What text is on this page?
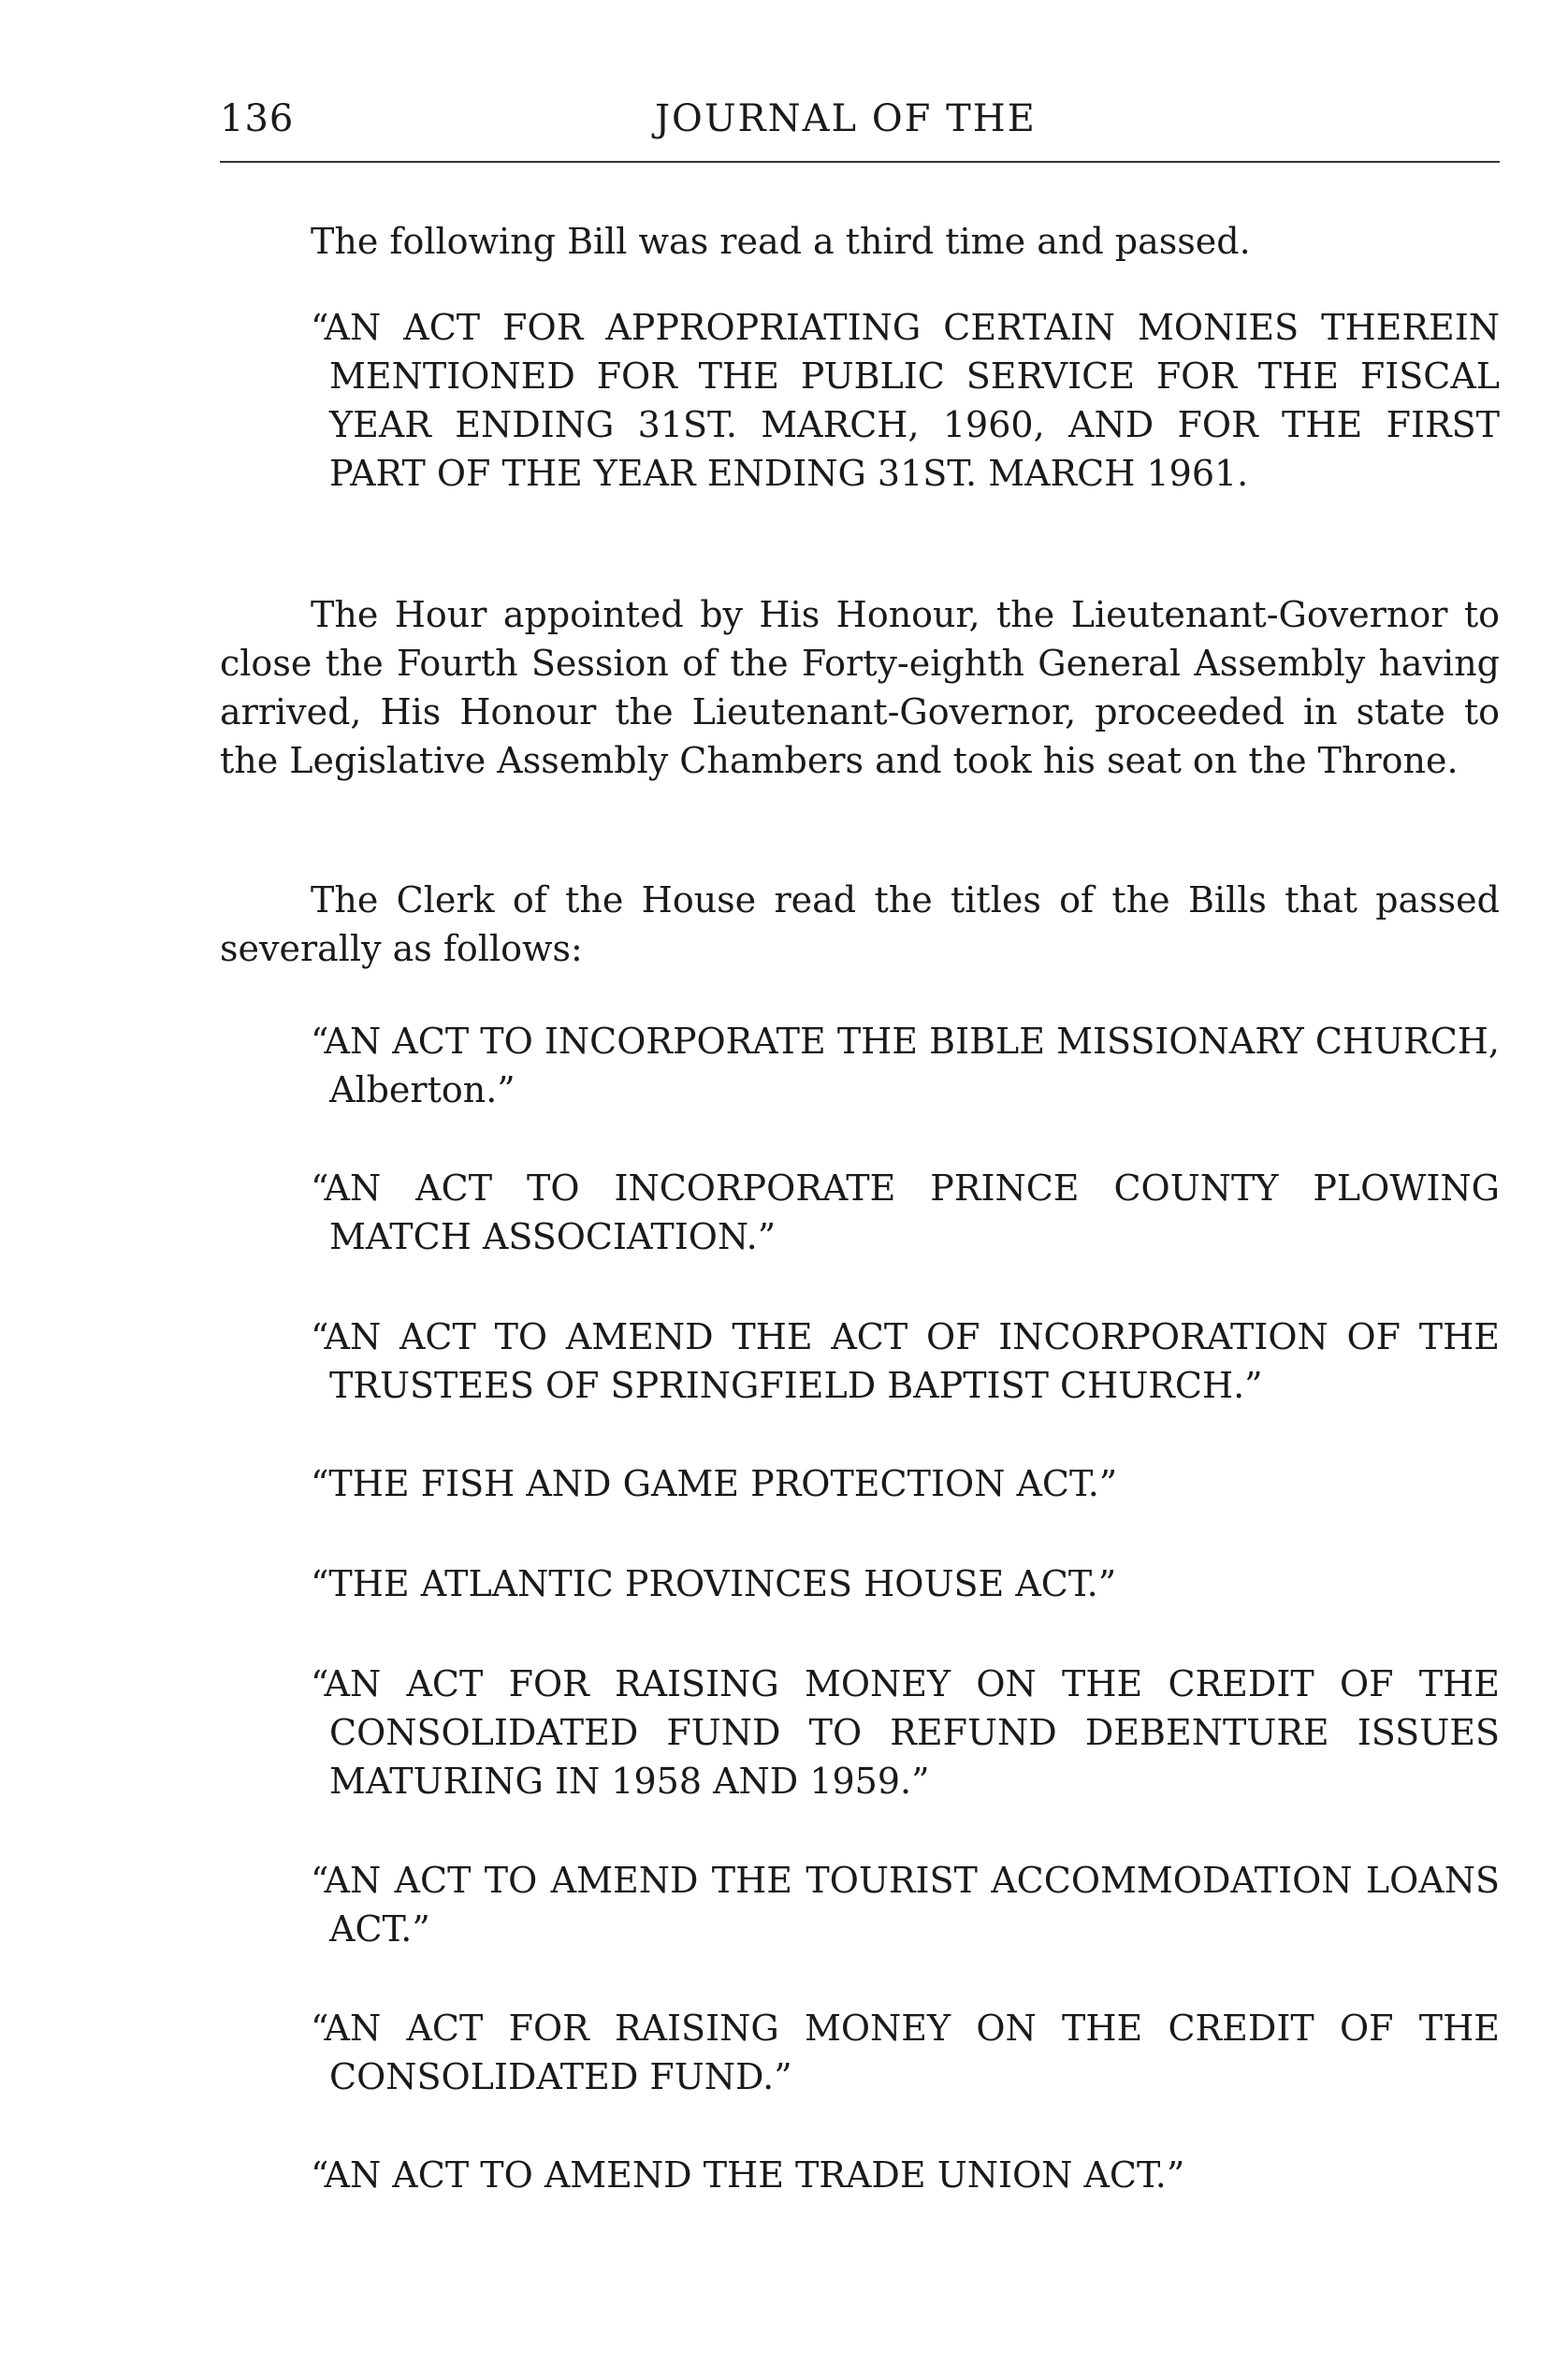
136	JOURNAL OF THE
The following Bill was read a third time and passed.
“AN ACT FOR APPROPRIATING CERTAIN MONIES THEREIN MENTIONED FOR THE PUBLIC SERVICE FOR THE FISCAL YEAR ENDING 31ST. MARCH, 1960, AND FOR THE FIRST PART OF THE YEAR ENDING 31ST. MARCH 1961.
The Hour appointed by His Honour, the Lieutenant-Governor to close the Fourth Session of the Forty-eighth General Assembly having arrived, His Honour the Lieutenant-Governor, proceeded in state to the Legislative Assembly Chambers and took his seat on the Throne.
The Clerk of the House read the titles of the Bills that passed severally as follows:
“AN ACT TO INCORPORATE THE BIBLE MISSIONARY CHURCH, Alberton.”
“AN ACT TO INCORPORATE PRINCE COUNTY PLOWING MATCH ASSOCIATION.”
“AN ACT TO AMEND THE ACT OF INCORPORATION OF THE TRUSTEES OF SPRINGFIELD BAPTIST CHURCH.”
“THE FISH AND GAME PROTECTION ACT.”
“THE ATLANTIC PROVINCES HOUSE ACT.”
“AN ACT FOR RAISING MONEY ON THE CREDIT OF THE CONSOLIDATED FUND TO REFUND DEBENTURE ISSUES MATURING IN 1958 AND 1959.”
“AN ACT TO AMEND THE TOURIST ACCOMMODATION LOANS ACT.”
“AN ACT FOR RAISING MONEY ON THE CREDIT OF THE CONSOLIDATED FUND.”
“AN ACT TO AMEND THE TRADE UNION ACT.”
